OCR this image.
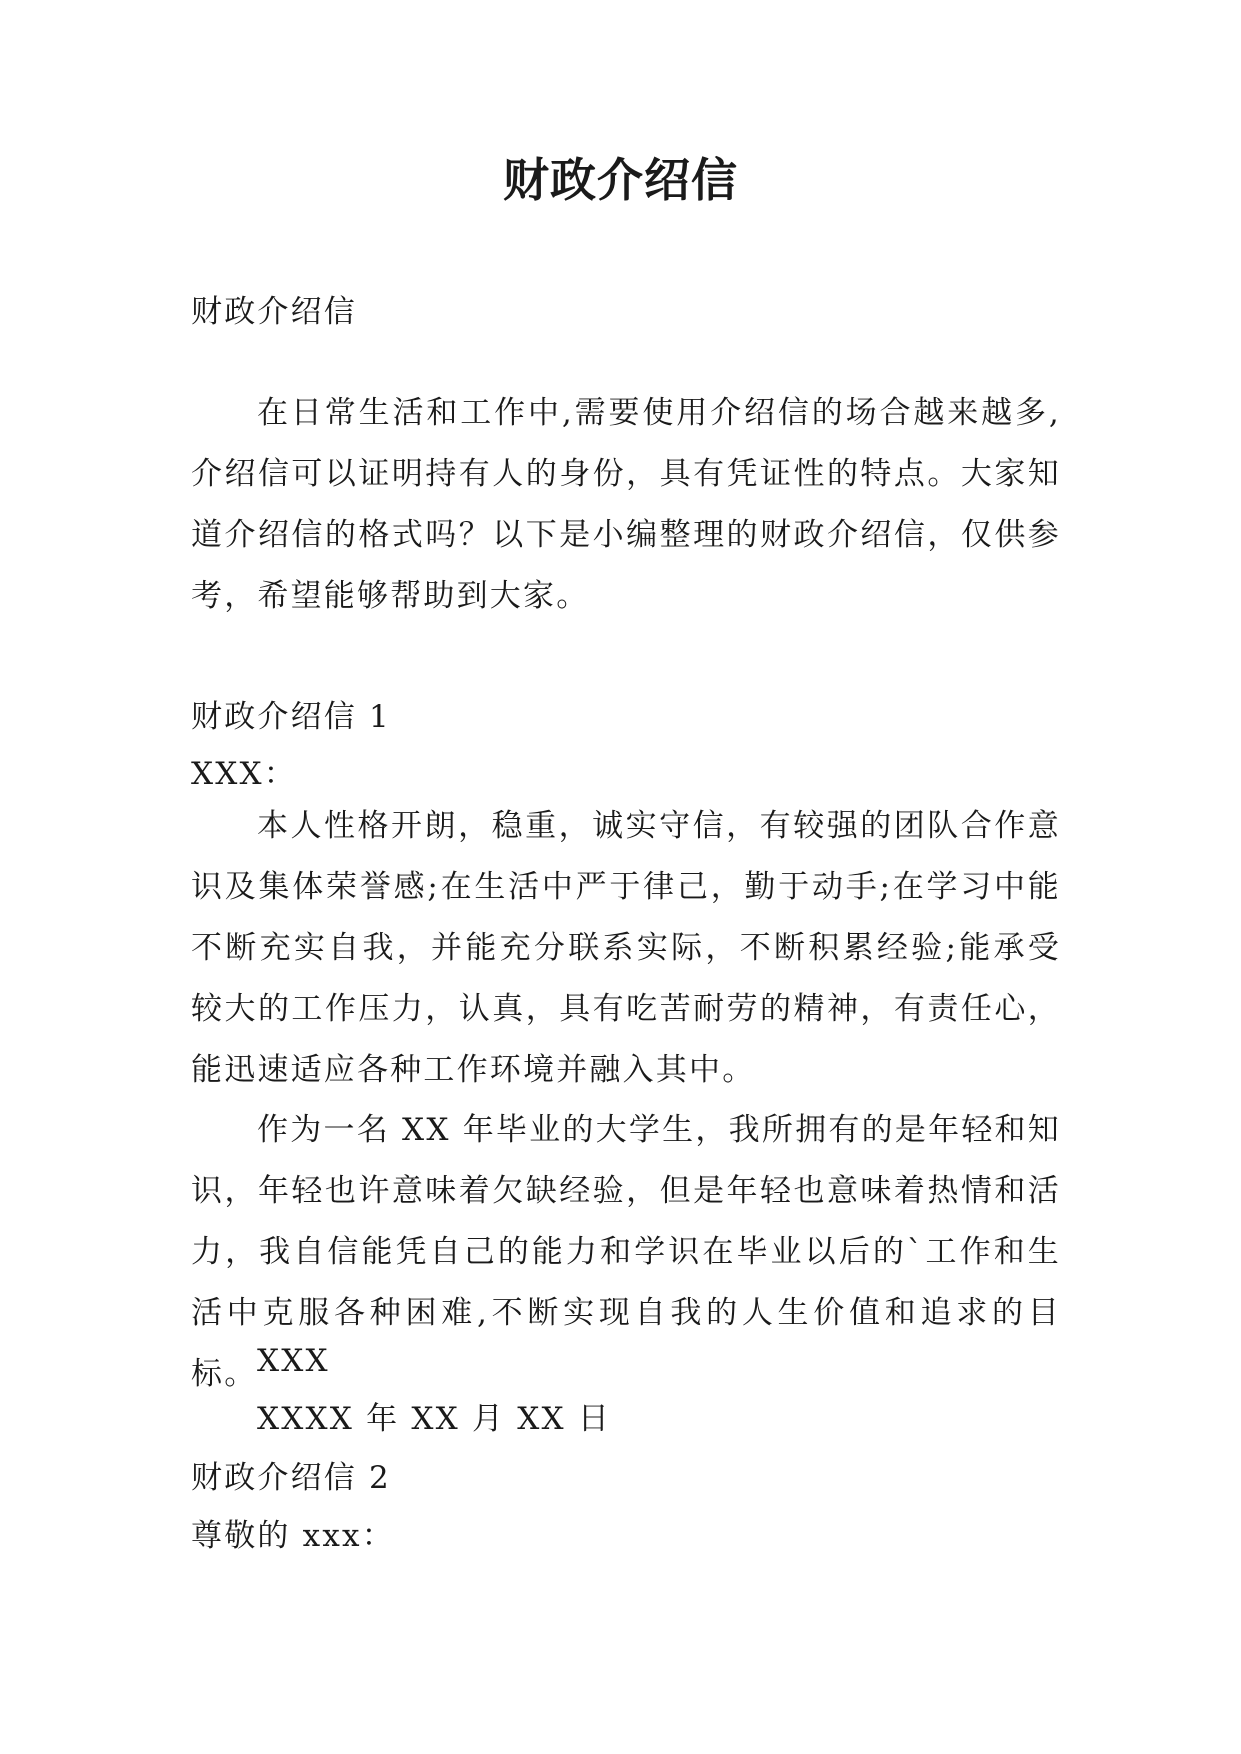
财政介绍信

财政介绍信

在日常生活和工作中,需要使用介绍信的场合越来越多,介绍信可以证明持有人的身份，具有凭证性的特点。大家知道介绍信的格式吗？以下是小编整理的财政介绍信，仅供参考，希望能够帮助到大家。

财政介绍信 1

XXX：

本人性格开朗，稳重，诚实守信，有较强的团队合作意识及集体荣誉感;在生活中严于律己，勤于动手;在学习中能不断充实自我，并能充分联系实际，不断积累经验;能承受较大的工作压力，认真，具有吃苦耐劳的精神，有责任心，能迅速适应各种工作环境并融入其中。

作为一名 XX 年毕业的大学生，我所拥有的是年轻和知识，年轻也许意味着欠缺经验，但是年轻也意味着热情和活力，我自信能凭自己的能力和学识在毕业以后的`工作和生活中克服各种困难,不断实现自我的人生价值和追求的目标。 XXX

XXXX 年 XX 月 XX 日

财政介绍信 2

尊敬的 xxx：
